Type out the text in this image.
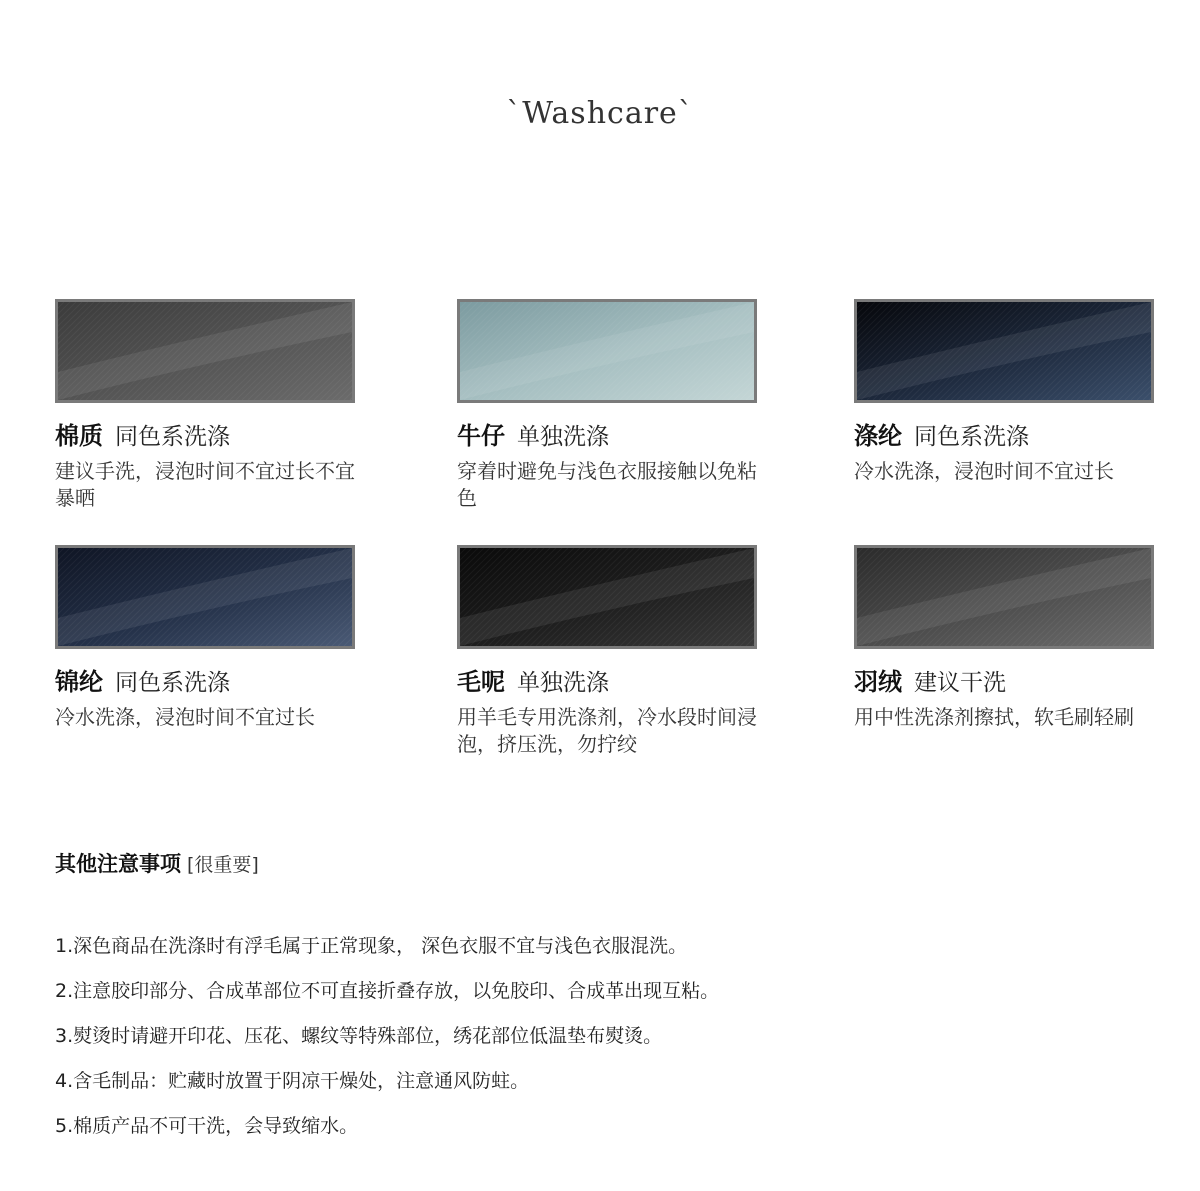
`Washcare`
棉质 同色系洗涤
建议手洗，浸泡时间不宜过长不宜暴晒
牛仔 单独洗涤
穿着时避免与浅色衣服接触以免粘色
涤纶 同色系洗涤
冷水洗涤，浸泡时间不宜过长
锦纶 同色系洗涤
冷水洗涤，浸泡时间不宜过长
毛呢 单独洗涤
用羊毛专用洗涤剂，冷水段时间浸泡，挤压洗，勿拧绞
羽绒 建议干洗
用中性洗涤剂擦拭，软毛刷轻刷
其他注意事项 [很重要]
1.深色商品在洗涤时有浮毛属于正常现象， 深色衣服不宜与浅色衣服混洗。
2.注意胶印部分、合成革部位不可直接折叠存放，以免胶印、合成革出现互粘。
3.熨烫时请避开印花、压花、螺纹等特殊部位，绣花部位低温垫布熨烫。
4.含毛制品：贮藏时放置于阴凉干燥处，注意通风防蛀。
5.棉质产品不可干洗，会导致缩水。
